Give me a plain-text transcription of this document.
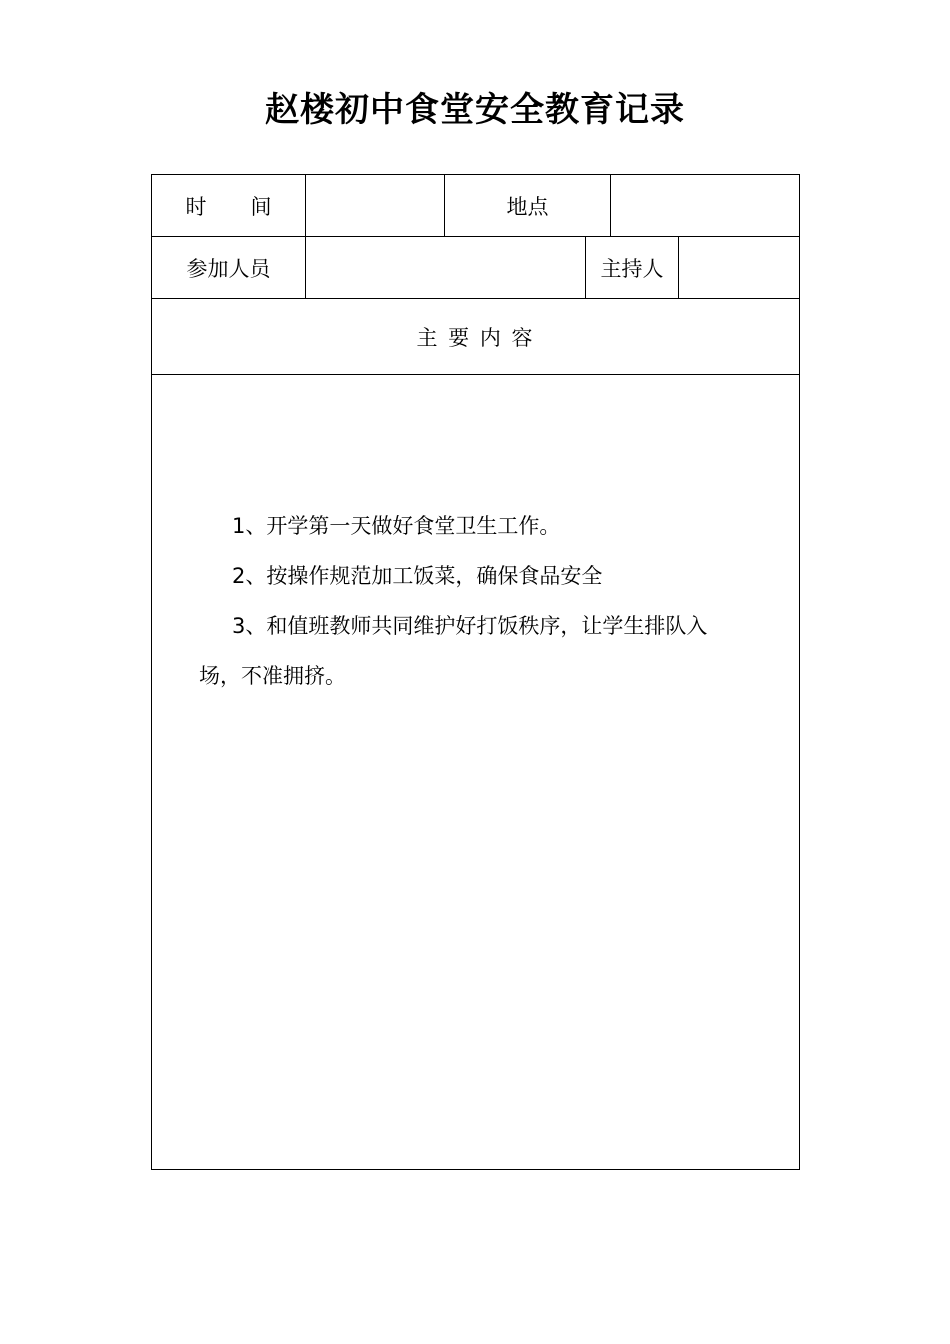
赵楼初中食堂安全教育记录
时 间	地点
参加人员	主持人
主 要 内 容
1、开学第一天做好食堂卫生工作。
2、按操作规范加工饭菜，确保食品安全
3、和值班教师共同维护好打饭秩序，让学生排队入
场，不准拥挤。
